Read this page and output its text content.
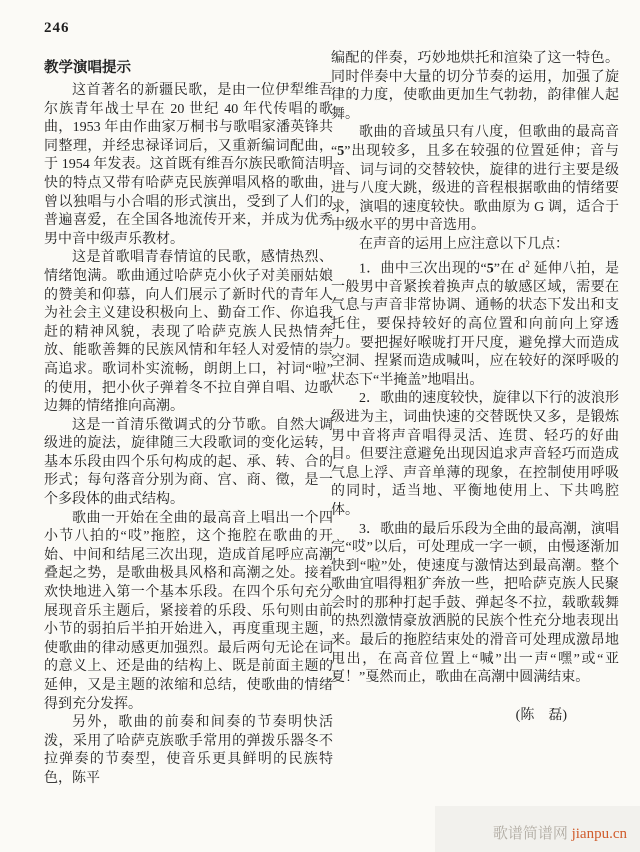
246
教学演唱提示

这首著名的新疆民歌，是由一位伊犁维吾尔族青年战士早在 20 世纪 40 年代传唱的歌曲，1953 年由作曲家万桐书与歌唱家潘英锋共同整理，并经忠禄译词后，又重新编词配曲，于 1954 年发表。这首既有维吾尔族民歌简洁明快的特点又带有哈萨克民族弹唱风格的歌曲，曾以独唱与小合唱的形式演出，受到了人们的普遍喜爱，在全国各地流传开来，并成为优秀男中音中级声乐教材。

这是首歌唱青春情谊的民歌，感情热烈、情绪饱满。歌曲通过哈萨克小伙子对美丽姑娘的赞美和仰慕，向人们展示了新时代的青年人为社会主义建设积极向上、勤奋工作、你追我赶的精神风貌，表现了哈萨克族人民热情奔放、能歌善舞的民族风情和年轻人对爱情的崇高追求。歌词朴实流畅，朗朗上口，衬词“啦”的使用，把小伙子弹着冬不拉自弹自唱、边歌边舞的情绪推向高潮。

这是一首清乐徵调式的分节歌。自然大调级进的旋法，旋律随三大段歌词的变化运转，基本乐段由四个乐句构成的起、承、转、合的形式；每句落音分别为商、宫、商、徵，是一个多段体的曲式结构。

歌曲一开始在全曲的最高音上唱出一个四小节八拍的“哎”拖腔，这个拖腔在歌曲的开始、中间和结尾三次出现，造成首尾呼应高潮叠起之势，是歌曲极具风格和高潮之处。接着欢快地进入第一个基本乐段。在四个乐句充分展现音乐主题后，紧接着的乐段、乐句则由前小节的弱拍后半拍开始进入，再度重现主题，使歌曲的律动感更加强烈。最后两句无论在词的意义上、还是曲的结构上、既是前面主题的延伸，又是主题的浓缩和总结，使歌曲的情绪得到充分发挥。

另外，歌曲的前奏和间奏的节奏明快活泼，采用了哈萨克族歌手常用的弹拨乐器冬不拉弹奏的节奏型，使音乐更具鲜明的民族特色，陈平

编配的伴奏，巧妙地烘托和渲染了这一特色。同时伴奏中大量的切分节奏的运用，加强了旋律的力度，使歌曲更加生气勃勃，韵律催人起舞。

歌曲的音域虽只有八度，但歌曲的最高音“5”出现较多，且多在较强的位置延伸；音与音、词与词的交替较快，旋律的进行主要是级进与八度大跳，级进的音程根据歌曲的情绪要求，演唱的速度较快。歌曲原为 G 调，适合于中级水平的男中音选用。

在声音的运用上应注意以下几点：

1．曲中三次出现的“5”在 $d^2$ 延伸八拍，是一般男中音紧挨着换声点的敏感区域，需要在气息与声音非常协调、通畅的状态下发出和支托住，要保持较好的高位置和向前向上穿透力。要把握好喉咙打开尺度，避免撑大而造成空洞、捏紧而造成喊叫，应在较好的深呼吸的状态下“半掩盖”地唱出。

2．歌曲的速度较快，旋律以下行的波浪形级进为主，词曲快速的交替既快又多，是锻炼男中音将声音唱得灵活、连贯、轻巧的好曲目。但要注意避免出现因追求声音轻巧而造成气息上浮、声音单薄的现象，在控制使用呼吸的同时，适当地、平衡地使用上、下共鸣腔体。

3．歌曲的最后乐段为全曲的最高潮，演唱完“哎”以后，可处理成一字一顿，由慢逐渐加快到“啦”处，使速度与激情达到最高潮。整个歌曲宜唱得粗犷奔放一些，把哈萨克族人民聚会时的那种打起手鼓、弹起冬不拉，载歌载舞的热烈激情豪放洒脱的民族个性充分地表现出来。最后的拖腔结束处的滑音可处理成激昂地甩出，在高音位置上“喊”出一声“嘿”或“亚夏！”戛然而止，歌曲在高潮中圆满结束。

(陈　磊)
歌谱简谱网 jianpu.cn
